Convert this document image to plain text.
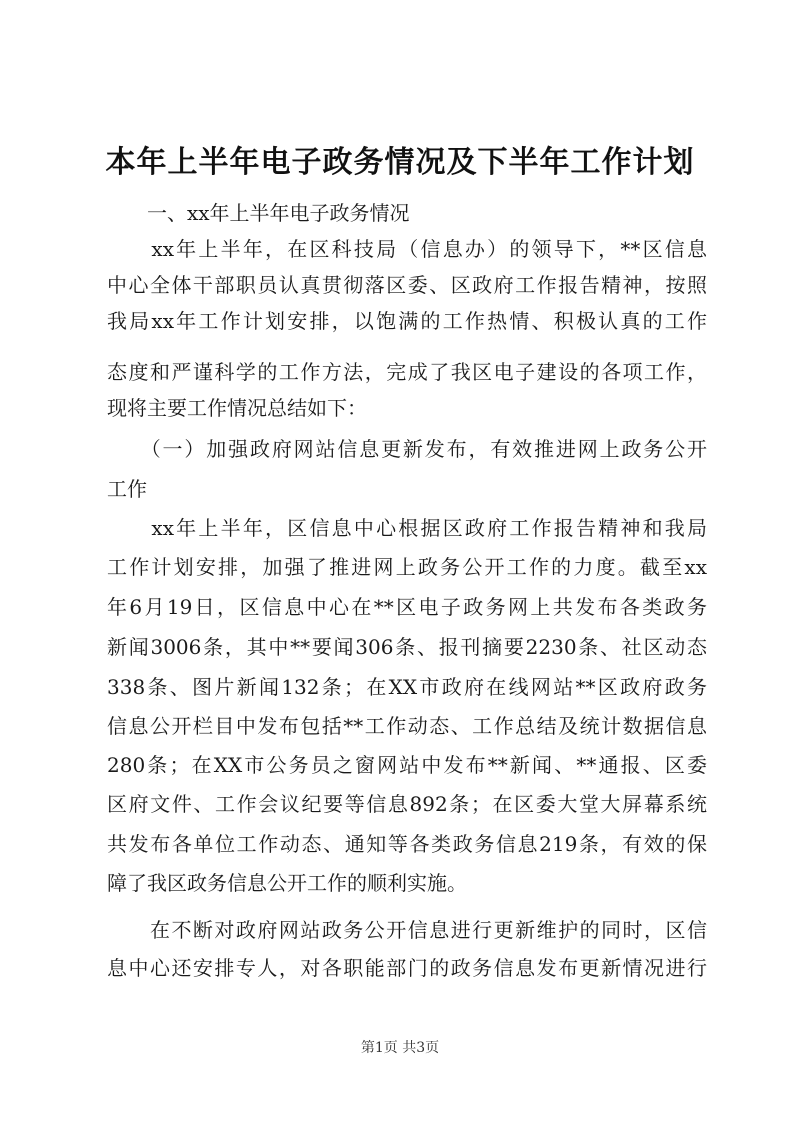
本年上半年电子政务情况及下半年工作计划
　　一、xx年上半年电子政务情况
　　xx年上半年，在区科技局（信息办）的领导下，**区信息
中心全体干部职员认真贯彻落区委、区政府工作报告精神，按照
我局xx年工作计划安排，以饱满的工作热情、积极认真的工作
态度和严谨科学的工作方法，完成了我区电子建设的各项工作，
现将主要工作情况总结如下：
　　（一）加强政府网站信息更新发布，有效推进网上政务公开
工作
　　xx年上半年，区信息中心根据区政府工作报告精神和我局
工作计划安排，加强了推进网上政务公开工作的力度。截至xx
年6月19日，区信息中心在**区电子政务网上共发布各类政务
新闻3006条，其中**要闻306条、报刊摘要2230条、社区动态
338条、图片新闻132条；在XX市政府在线网站**区政府政务
信息公开栏目中发布包括**工作动态、工作总结及统计数据信息
280条；在XX市公务员之窗网站中发布**新闻、**通报、区委
区府文件、工作会议纪要等信息892条；在区委大堂大屏幕系统
共发布各单位工作动态、通知等各类政务信息219条，有效的保
障了我区政务信息公开工作的顺利实施。
　　在不断对政府网站政务公开信息进行更新维护的同时，区信
息中心还安排专人，对各职能部门的政务信息发布更新情况进行
第1页 共3页
